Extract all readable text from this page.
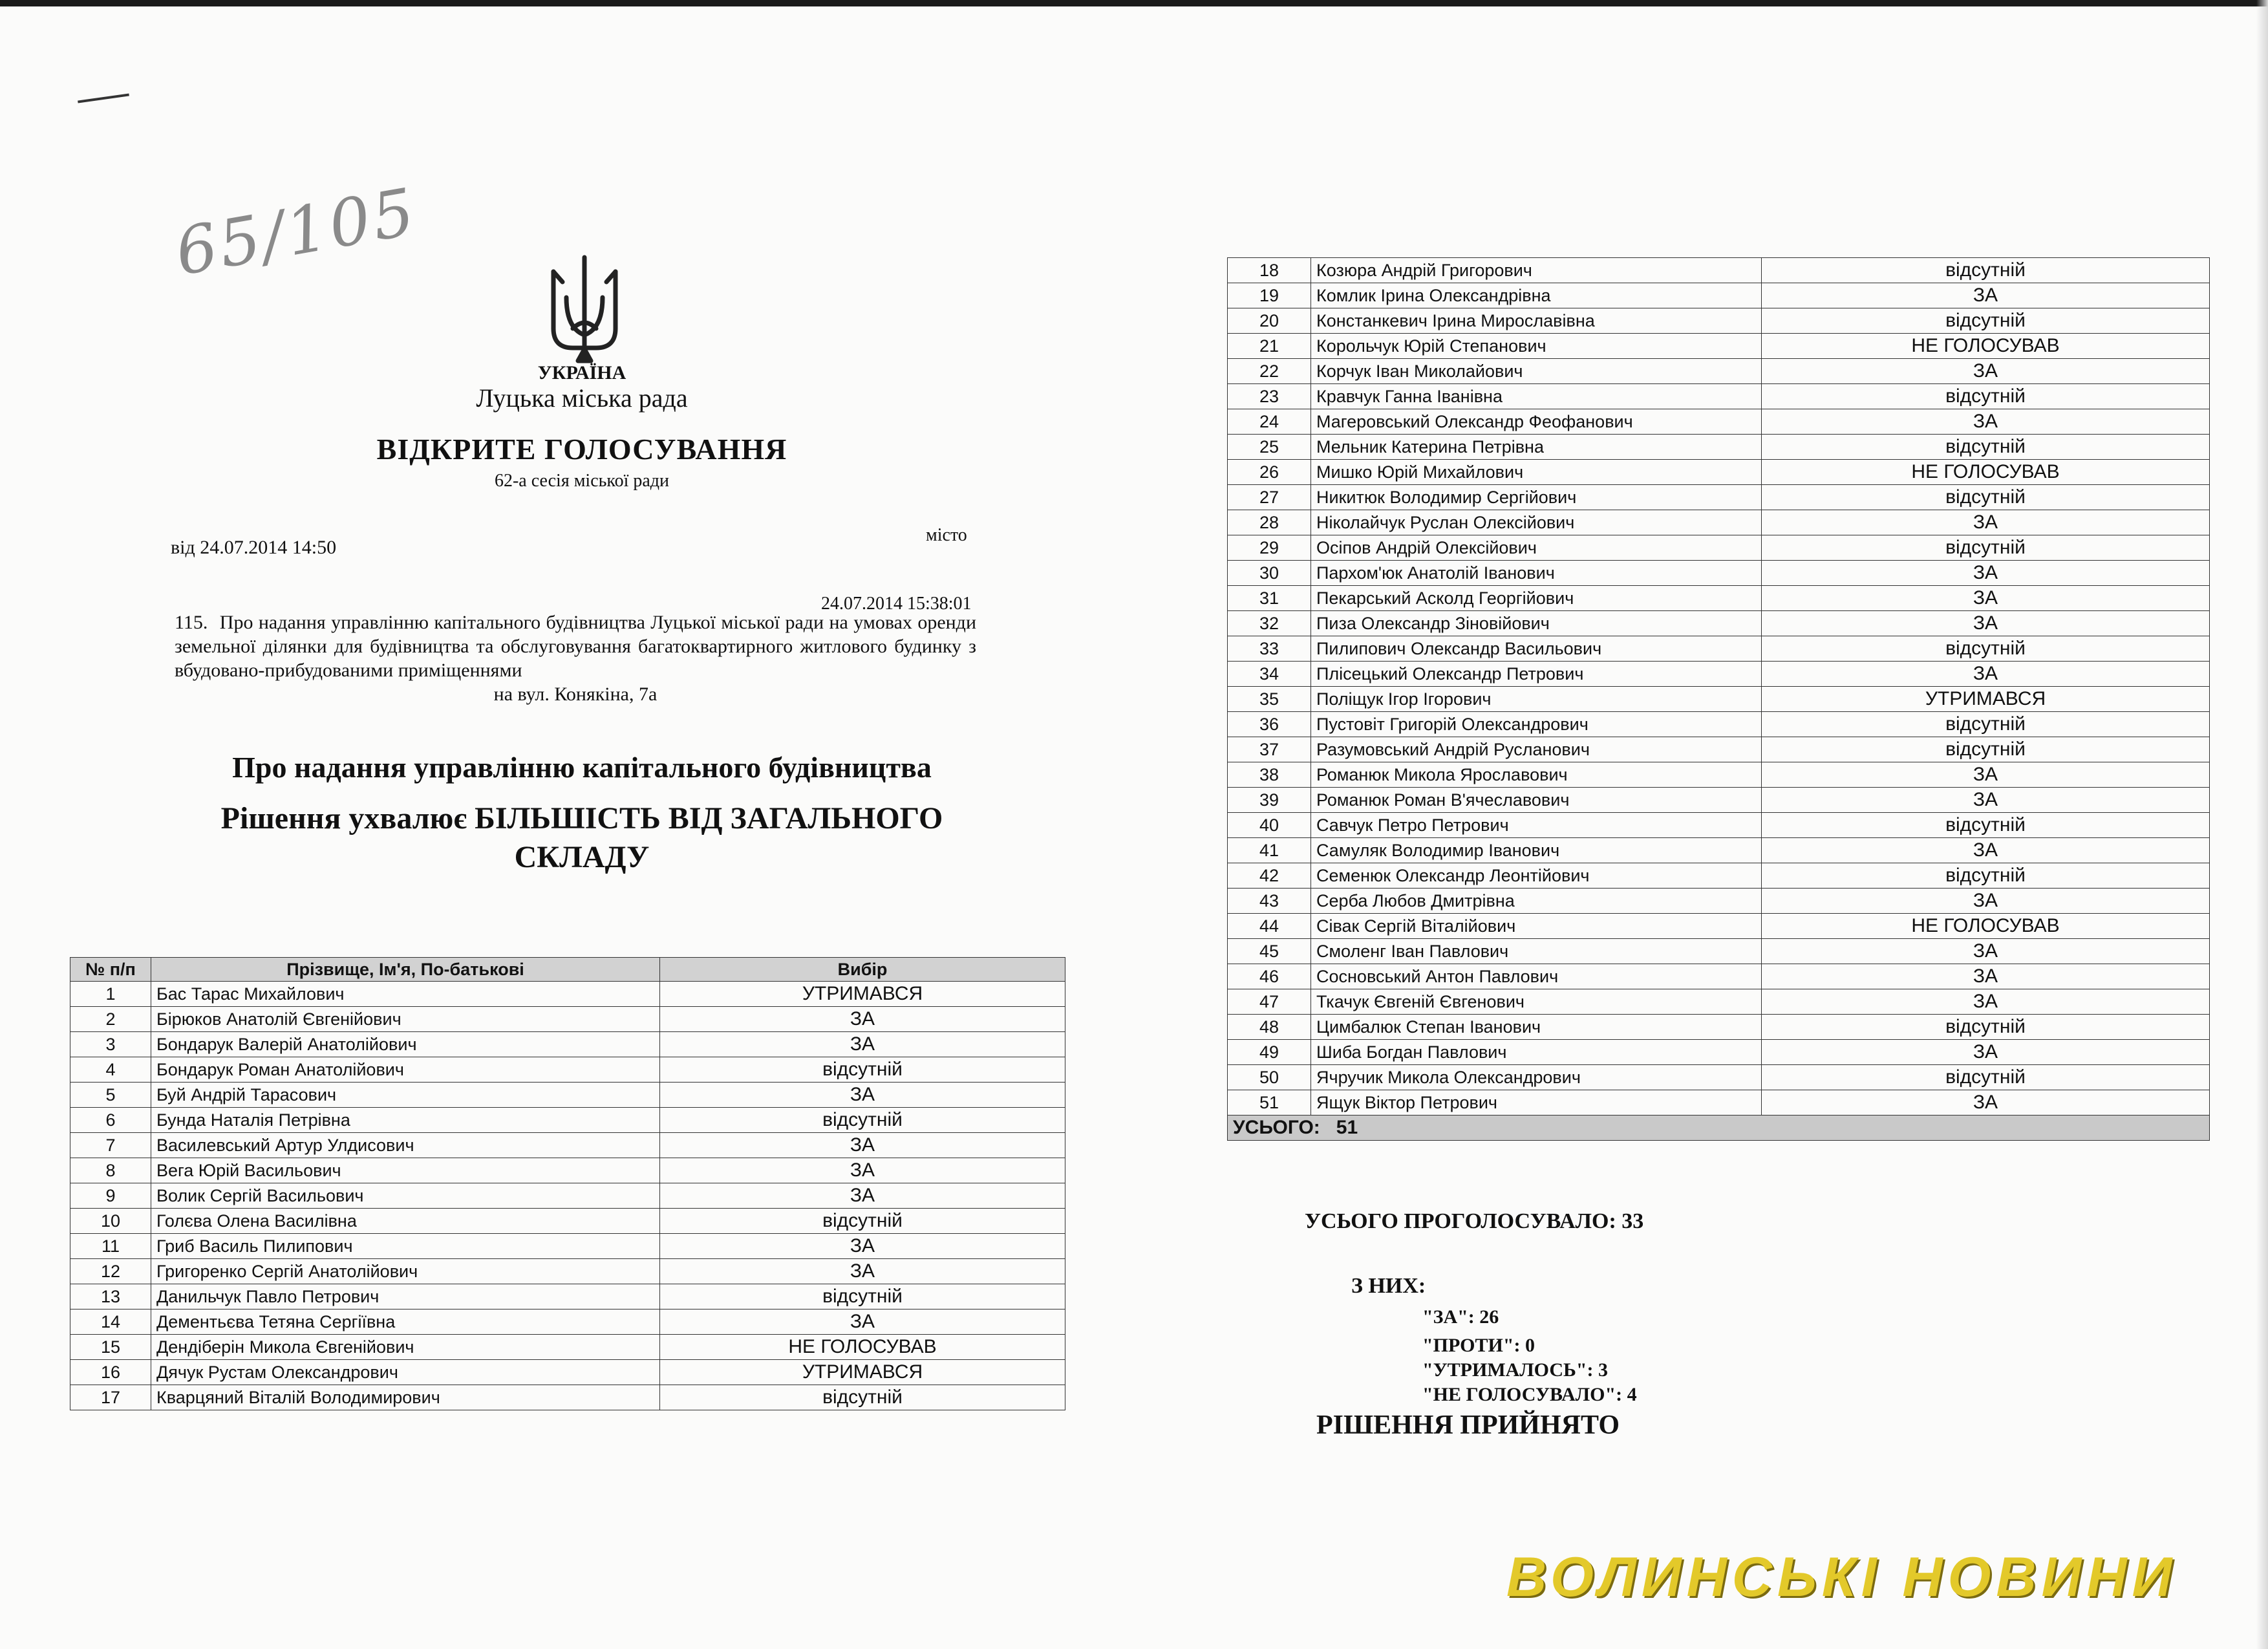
65/105
УКРАЇНА
Луцька міська рада
ВІДКРИТЕ ГОЛОСУВАННЯ
62-а сесія міської ради
місто
від 24.07.2014 14:50
24.07.2014 15:38:01
115. Про надання управлінню капітального будівництва Луцької міської ради на умовах оренди земельної ділянки для будівництва та обслуговування багатоквартирного житлового будинку з вбудовано-прибудованими приміщеннями
на вул. Конякіна, 7а
Про надання управлінню капітального будівництва
Рішення ухвалює БІЛЬШІСТЬ ВІД ЗАГАЛЬНОГО СКЛАДУ
№ п/п	Прізвище, Ім'я, По-батькові	Вибір
1	Бас Тарас Михайлович	УТРИМАВСЯ
2	Бірюков Анатолій Євгенійович	ЗА
3	Бондарук Валерій Анатолійович	ЗА
4	Бондарук Роман Анатолійович	відсутній
5	Буй Андрій Тарасович	ЗА
6	Бунда Наталія Петрівна	відсутній
7	Василевський Артур Улдисович	ЗА
8	Вега Юрій Васильович	ЗА
9	Волик Сергій Васильович	ЗА
10	Голєва Олена Василівна	відсутній
11	Гриб Василь Пилипович	ЗА
12	Григоренко Сергій Анатолійович	ЗА
13	Данильчук Павло Петрович	відсутній
14	Дементьєва Тетяна Сергіївна	ЗА
15	Дендіберін Микола Євгенійович	НЕ ГОЛОСУВАВ
16	Дячук Рустам Олександрович	УТРИМАВСЯ
17	Кварцяний Віталій Володимирович	відсутній
18	Козюра Андрій Григорович	відсутній
19	Комлик Ірина Олександрівна	ЗА
20	Констанкевич Ірина Мирославівна	відсутній
21	Корольчук Юрій Степанович	НЕ ГОЛОСУВАВ
22	Корчук Іван Миколайович	ЗА
23	Кравчук Ганна Іванівна	відсутній
24	Магеровський Олександр Феофанович	ЗА
25	Мельник Катерина Петрівна	відсутній
26	Мишко Юрій Михайлович	НЕ ГОЛОСУВАВ
27	Никитюк Володимир Сергійович	відсутній
28	Ніколайчук Руслан Олексійович	ЗА
29	Осіпов Андрій Олексійович	відсутній
30	Пархом'юк Анатолій Іванович	ЗА
31	Пекарський Асколд Георгійович	ЗА
32	Пиза Олександр Зіновійович	ЗА
33	Пилипович Олександр Васильович	відсутній
34	Плісецький Олександр Петрович	ЗА
35	Поліщук Ігор Ігорович	УТРИМАВСЯ
36	Пустовіт Григорій Олександрович	відсутній
37	Разумовський Андрій Русланович	відсутній
38	Романюк Микола Ярославович	ЗА
39	Романюк Роман В'ячеславович	ЗА
40	Савчук Петро Петрович	відсутній
41	Самуляк Володимир Іванович	ЗА
42	Семенюк Олександр Леонтійович	відсутній
43	Серба Любов Дмитрівна	ЗА
44	Сівак Сергій Віталійович	НЕ ГОЛОСУВАВ
45	Смоленг Іван Павлович	ЗА
46	Сосновський Антон Павлович	ЗА
47	Ткачук Євгеній Євгенович	ЗА
48	Цимбалюк Степан Іванович	відсутній
49	Шиба Богдан Павлович	ЗА
50	Ячручик Микола Олександрович	відсутній
51	Ящук Віктор Петрович	ЗА
УСЬОГО: 51		
УСЬОГО ПРОГОЛОСУВАЛО: 33
З НИХ:
"ЗА": 26
"ПРОТИ": 0
"УТРИМАЛОСЬ": 3
"НЕ ГОЛОСУВАЛО": 4
РІШЕННЯ ПРИЙНЯТО
ВОЛИНСЬКІ НОВИНИ
